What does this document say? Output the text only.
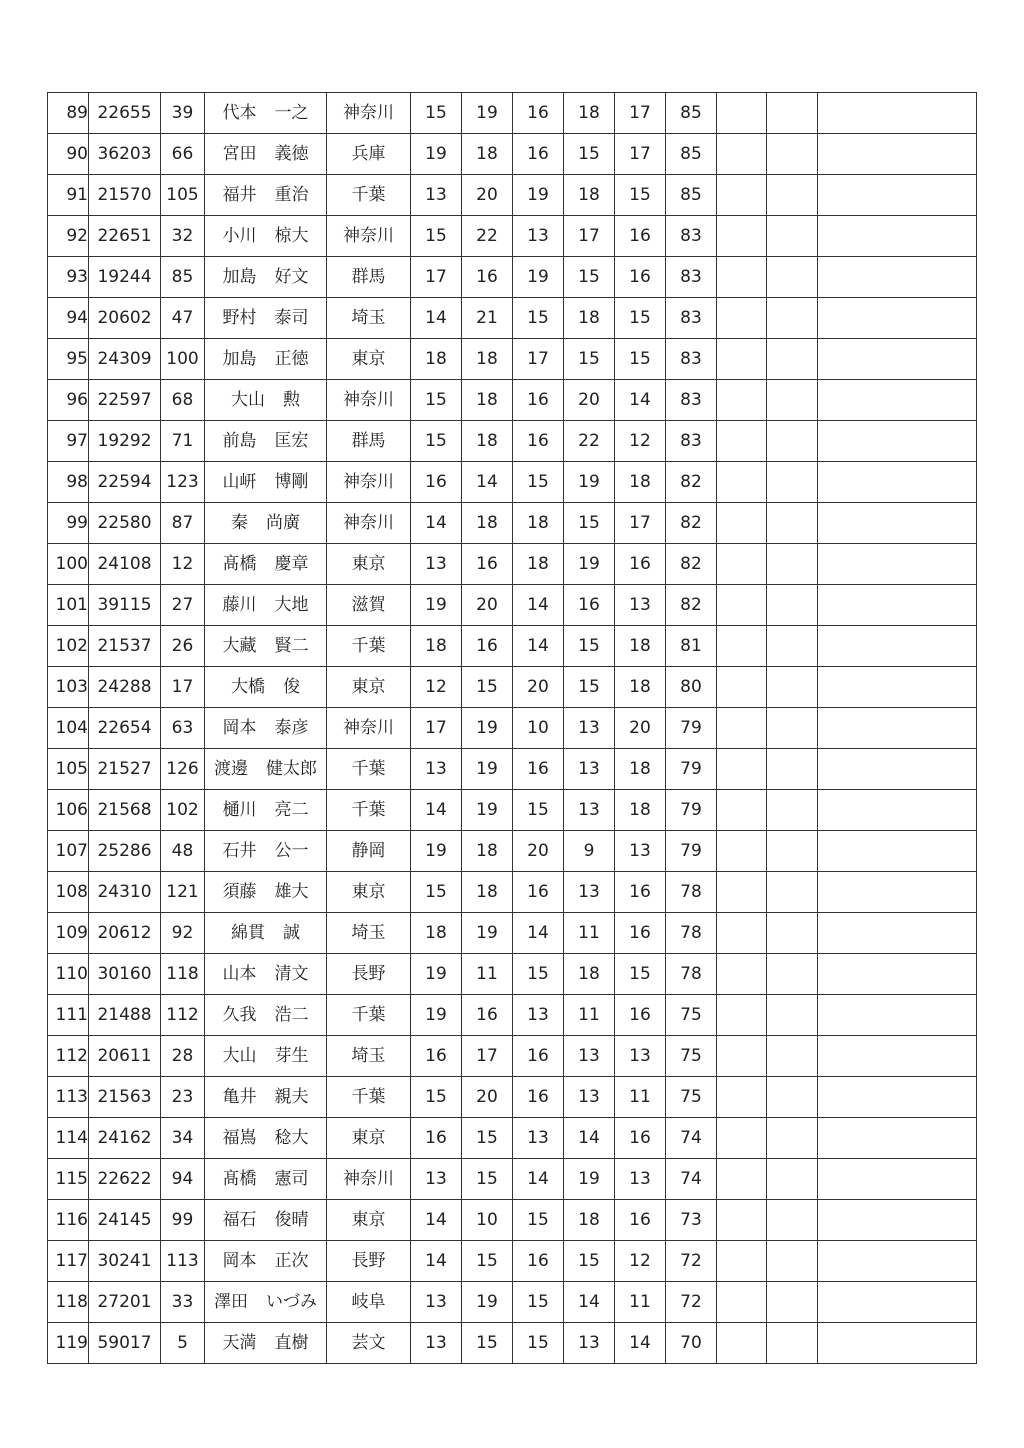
89	22655	39	代本 一之	神奈川	15	19	16	18	17	85			
90	36203	66	宮田 義徳	兵庫	19	18	16	15	17	85			
91	21570	105	福井 重治	千葉	13	20	19	18	15	85			
92	22651	32	小川 椋大	神奈川	15	22	13	17	16	83			
93	19244	85	加島 好文	群馬	17	16	19	15	16	83			
94	20602	47	野村 泰司	埼玉	14	21	15	18	15	83			
95	24309	100	加島 正徳	東京	18	18	17	15	15	83			
96	22597	68	大山 勲	神奈川	15	18	16	20	14	83			
97	19292	71	前島 匡宏	群馬	15	18	16	22	12	83			
98	22594	123	山岍 博剛	神奈川	16	14	15	19	18	82			
99	22580	87	秦 尚廣	神奈川	14	18	18	15	17	82			
100	24108	12	髙橋 慶章	東京	13	16	18	19	16	82			
101	39115	27	藤川 大地	滋賀	19	20	14	16	13	82			
102	21537	26	大藏 賢二	千葉	18	16	14	15	18	81			
103	24288	17	大橋 俊	東京	12	15	20	15	18	80			
104	22654	63	岡本 泰彦	神奈川	17	19	10	13	20	79			
105	21527	126	渡邊 健太郎	千葉	13	19	16	13	18	79			
106	21568	102	樋川 亮二	千葉	14	19	15	13	18	79			
107	25286	48	石井 公一	静岡	19	18	20	9	13	79			
108	24310	121	須藤 雄大	東京	15	18	16	13	16	78			
109	20612	92	綿貫 誠	埼玉	18	19	14	11	16	78			
110	30160	118	山本 清文	長野	19	11	15	18	15	78			
111	21488	112	久我 浩二	千葉	19	16	13	11	16	75			
112	20611	28	大山 芽生	埼玉	16	17	16	13	13	75			
113	21563	23	亀井 親夫	千葉	15	20	16	13	11	75			
114	24162	34	福嶌 稔大	東京	16	15	13	14	16	74			
115	22622	94	髙橋 憲司	神奈川	13	15	14	19	13	74			
116	24145	99	福石 俊晴	東京	14	10	15	18	16	73			
117	30241	113	岡本 正次	長野	14	15	16	15	12	72			
118	27201	33	澤田 いづみ	岐阜	13	19	15	14	11	72			
119	59017	5	天満 直樹	芸文	13	15	15	13	14	70			
